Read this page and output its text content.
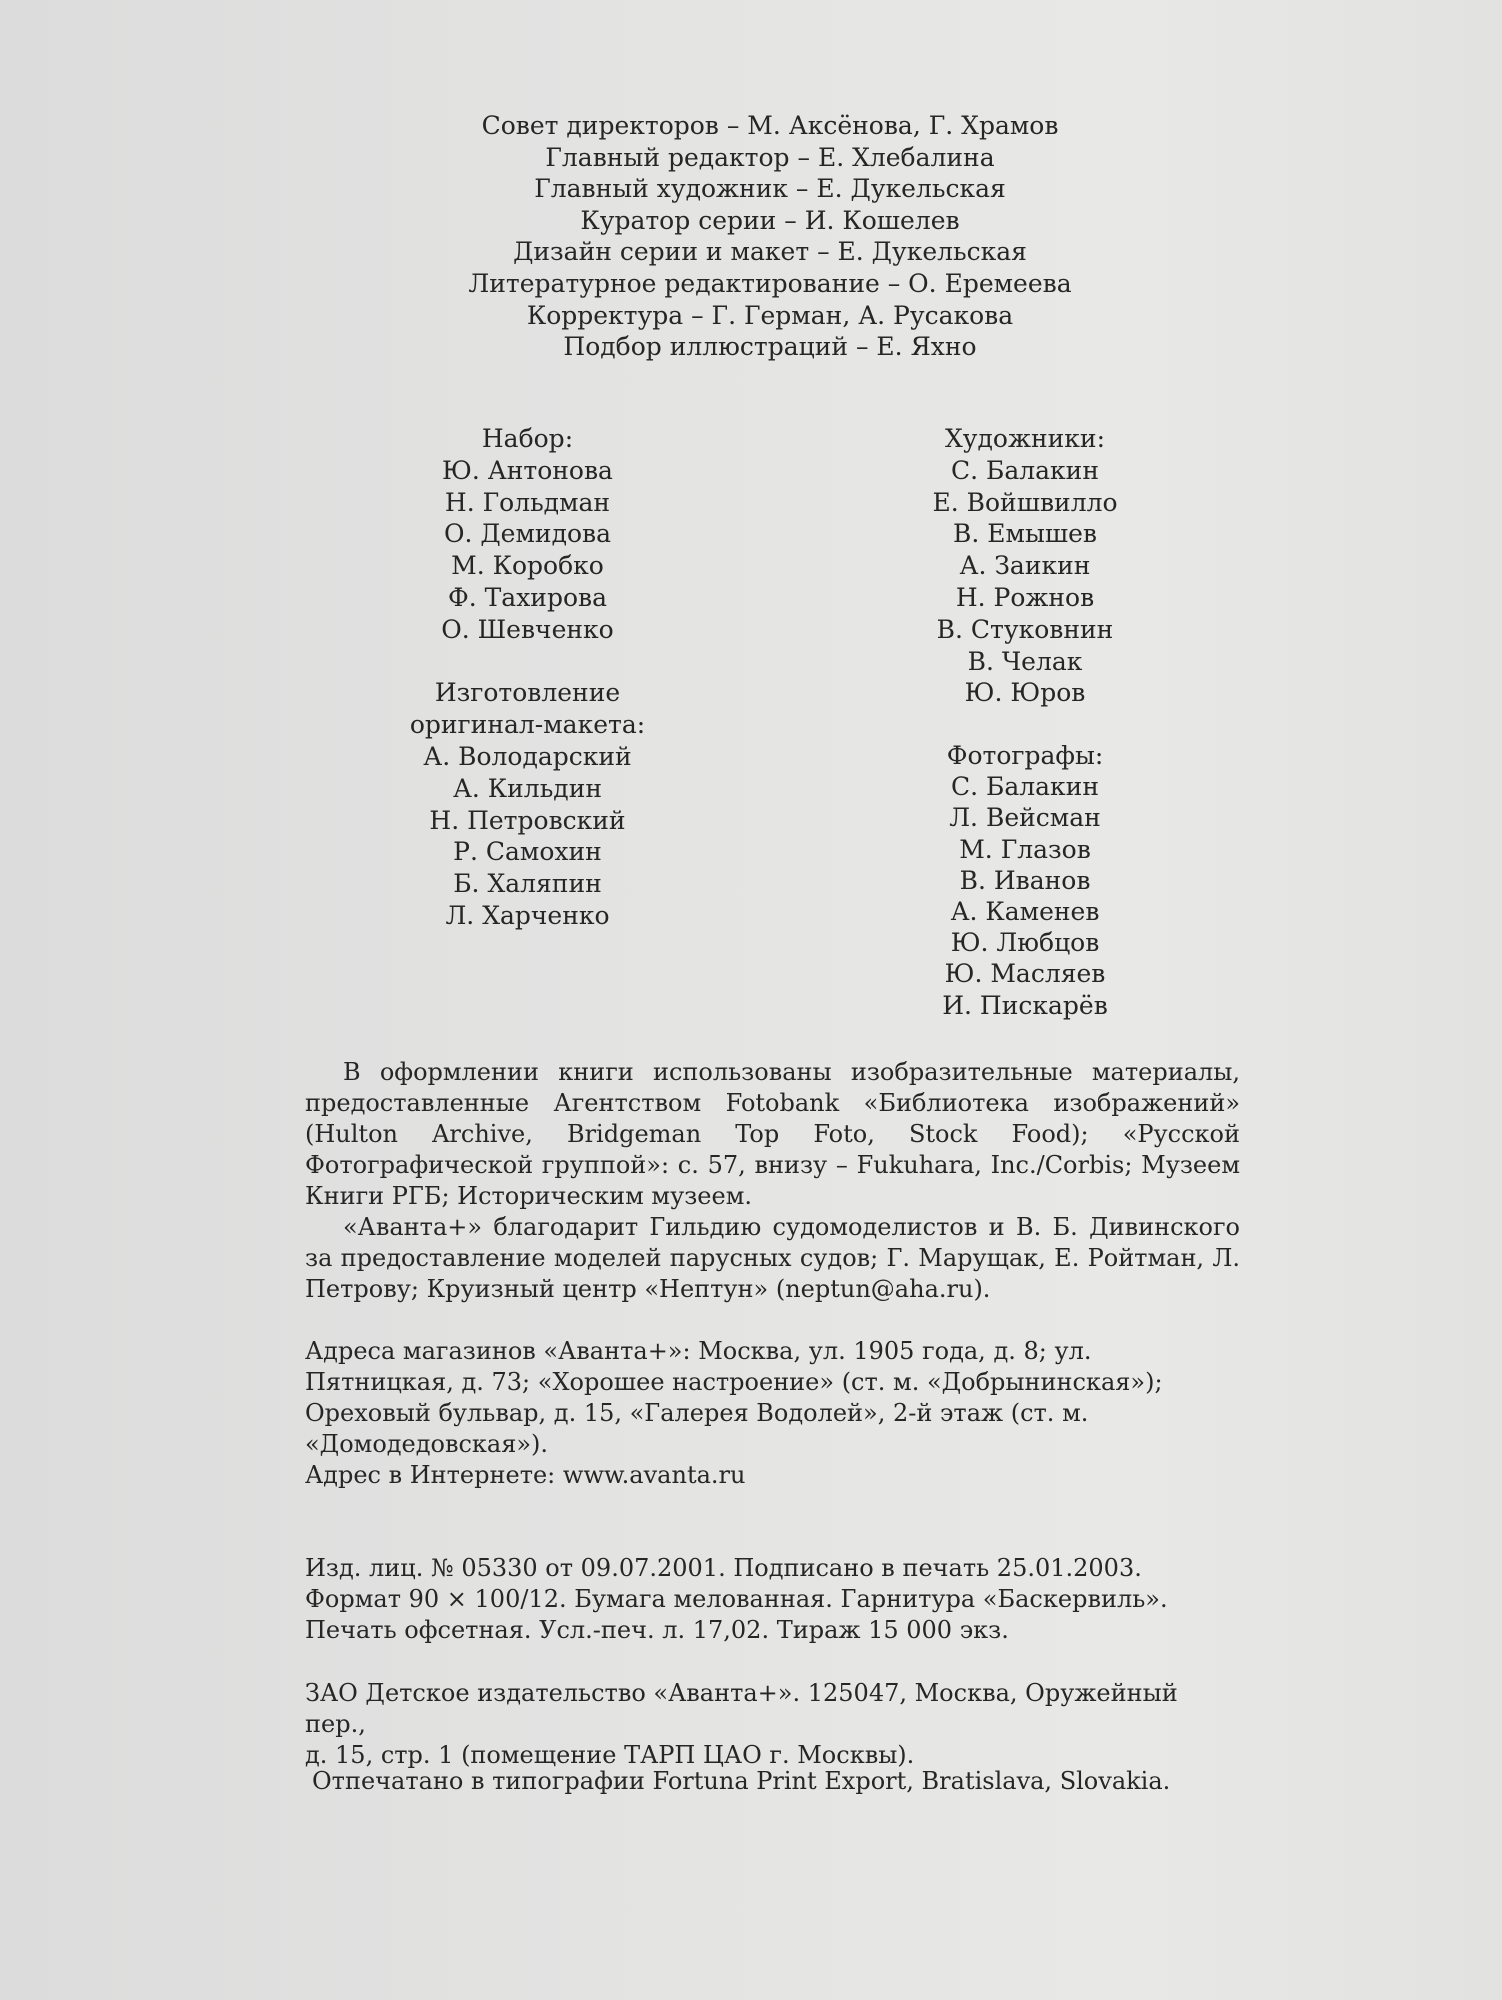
Совет директоров – М. Аксёнова, Г. Храмов
Главный редактор – Е. Хлебалина
Главный художник – Е. Дукельская
Куратор серии – И. Кошелев
Дизайн серии и макет – Е. Дукельская
Литературное редактирование – О. Еремеева
Корректура – Г. Герман, А. Русакова
Подбор иллюстраций – Е. Яхно
Набор:
Ю. Антонова
Н. Гольдман
О. Демидова
М. Коробко
Ф. Тахирова
О. Шевченко
Изготовление
оригинал-макета:
А. Володарский
А. Кильдин
Н. Петровский
Р. Самохин
Б. Халяпин
Л. Харченко
Художники:
С. Балакин
Е. Войшвилло
В. Емышев
А. Заикин
Н. Рожнов
В. Стуковнин
В. Челак
Ю. Юров
Фотографы:
С. Балакин
Л. Вейсман
М. Глазов
В. Иванов
А. Каменев
Ю. Любцов
Ю. Масляев
И. Пискарёв
В оформлении книги использованы изобразительные материалы, предоставленные Агентством Fotobank «Библиотека изображений» (Hulton Archive, Bridgeman Top Foto, Stock Food); «Русской Фотографической группой»: с. 57, внизу – Fukuhara, Inc./Corbis; Музеем Книги РГБ; Историческим музеем.
«Аванта+» благодарит Гильдию судомоделистов и В. Б. Дивинского за предоставление моделей парусных судов; Г. Марущак, Е. Ройтман, Л. Петрову; Круизный центр «Нептун» (neptun@aha.ru).
Адреса магазинов «Аванта+»: Москва, ул. 1905 года, д. 8; ул. Пятницкая, д. 73; «Хорошее настроение» (ст. м. «Добрынинская»); Ореховый бульвар, д. 15, «Галерея Водолей», 2-й этаж (ст. м. «Домодедовская»).
Адрес в Интернете: www.avanta.ru
Изд. лиц. № 05330 от 09.07.2001. Подписано в печать 25.01.2003.
Формат 90 × 100/12. Бумага мелованная. Гарнитура «Баскервиль».
Печать офсетная. Усл.-печ. л. 17,02. Тираж 15 000 экз.
ЗАО Детское издательство «Аванта+». 125047, Москва, Оружейный пер.,
д. 15, стр. 1 (помещение ТАРП ЦАО г. Москвы).
Отпечатано в типографии Fortuna Print Export, Bratislava, Slovakia.
